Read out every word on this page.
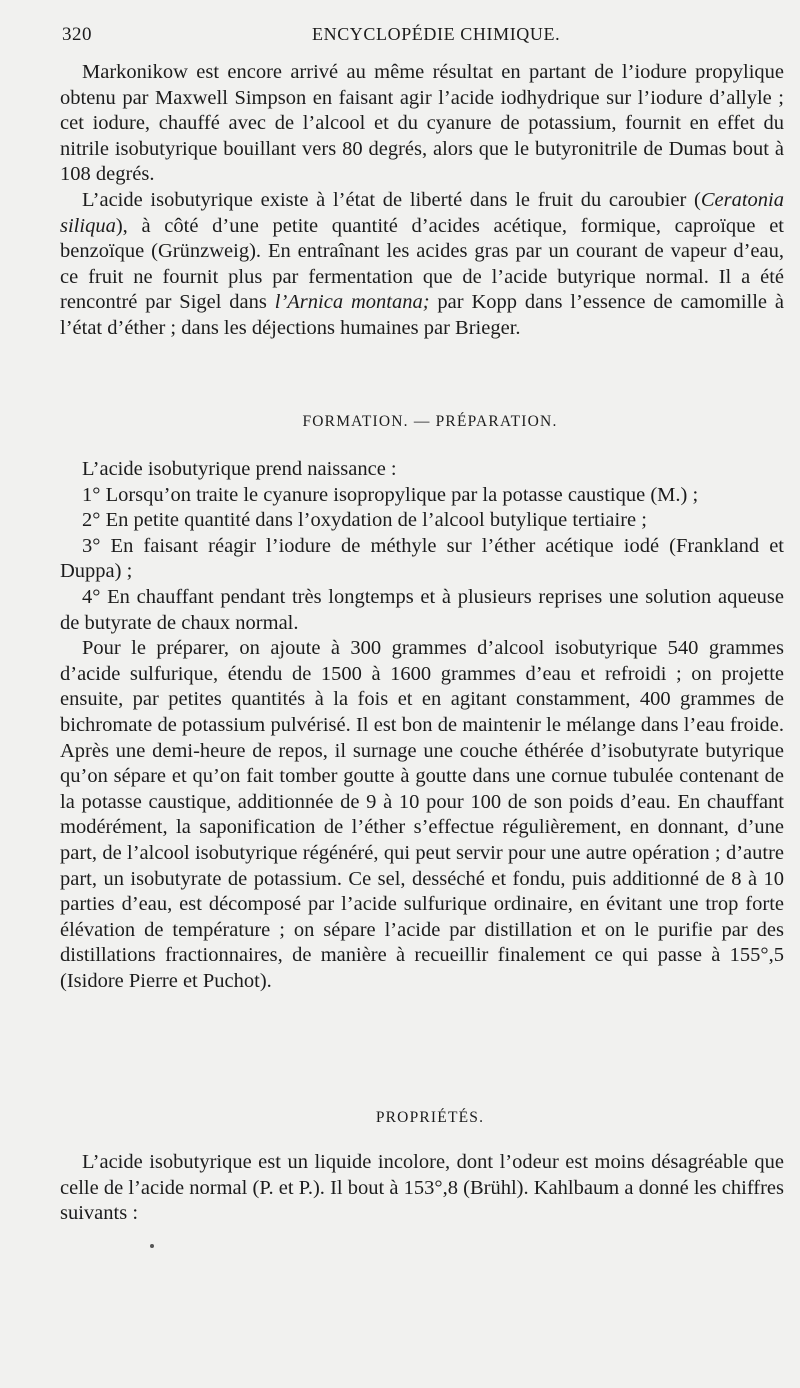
320	ENCYCLOPÉDIE CHIMIQUE.

Markonikow est encore arrivé au même résultat en partant de l’iodure propylique obtenu par Maxwell Simpson en faisant agir l’acide iodhydrique sur l’iodure d’allyle ; cet iodure, chauffé avec de l’alcool et du cyanure de potassium, fournit en effet du nitrile isobutyrique bouillant vers 80 degrés, alors que le butyronitrile de Dumas bout à 108 degrés.

L’acide isobutyrique existe à l’état de liberté dans le fruit du caroubier (Ceratonia siliqua), à côté d’une petite quantité d’acides acétique, formique, caproïque et benzoïque (Grünzweig). En entraînant les acides gras par un courant de vapeur d’eau, ce fruit ne fournit plus par fermentation que de l’acide butyrique normal. Il a été rencontré par Sigel dans l’Arnica montana; par Kopp dans l’essence de camomille à l’état d’éther ; dans les déjections humaines par Brieger.

FORMATION. — PRÉPARATION.

L’acide isobutyrique prend naissance :

1° Lorsqu’on traite le cyanure isopropylique par la potasse caustique (M.) ;

2° En petite quantité dans l’oxydation de l’alcool butylique tertiaire ;

3° En faisant réagir l’iodure de méthyle sur l’éther acétique iodé (Frankland et Duppa) ;

4° En chauffant pendant très longtemps et à plusieurs reprises une solution aqueuse de butyrate de chaux normal.

Pour le préparer, on ajoute à 300 grammes d’alcool isobutyrique 540 grammes d’acide sulfurique, étendu de 1500 à 1600 grammes d’eau et refroidi ; on projette ensuite, par petites quantités à la fois et en agitant constamment, 400 grammes de bichromate de potassium pulvérisé. Il est bon de maintenir le mélange dans l’eau froide. Après une demi-heure de repos, il surnage une couche éthérée d’isobutyrate butyrique qu’on sépare et qu’on fait tomber goutte à goutte dans une cornue tubulée contenant de la potasse caustique, additionnée de 9 à 10 pour 100 de son poids d’eau. En chauffant modérément, la saponification de l’éther s’effectue régulièrement, en donnant, d’une part, de l’alcool isobutyrique régénéré, qui peut servir pour une autre opération ; d’autre part, un isobutyrate de potassium. Ce sel, desséché et fondu, puis additionné de 8 à 10 parties d’eau, est décomposé par l’acide sulfurique ordinaire, en évitant une trop forte élévation de température ; on sépare l’acide par distillation et on le purifie par des distillations fractionnaires, de manière à recueillir finalement ce qui passe à 155°,5 (Isidore Pierre et Puchot).

PROPRIÉTÉS.

L’acide isobutyrique est un liquide incolore, dont l’odeur est moins désagréable que celle de l’acide normal (P. et P.). Il bout à 153°,8 (Brühl). Kahlbaum a donné les chiffres suivants :
